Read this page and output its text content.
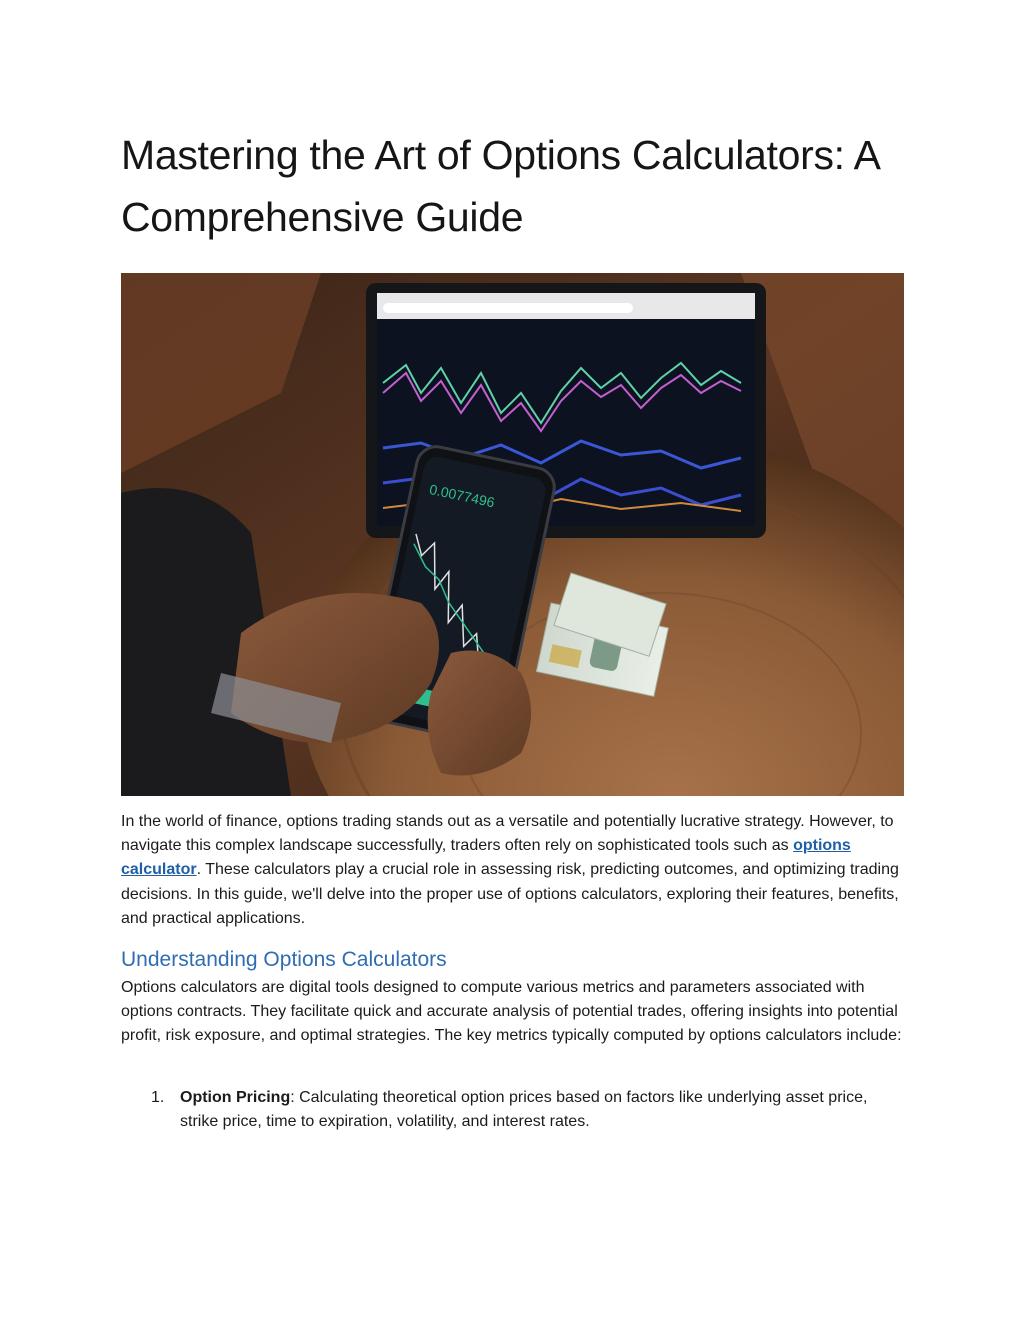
Mastering the Art of Options Calculators: A Comprehensive Guide
0.0077496

In the world of finance, options trading stands out as a versatile and potentially lucrative strategy. However, to navigate this complex landscape successfully, traders often rely on sophisticated tools such as options calculator. These calculators play a crucial role in assessing risk, predicting outcomes, and optimizing trading decisions. In this guide, we'll delve into the proper use of options calculators, exploring their features, benefits, and practical applications.

Understanding Options Calculators

Options calculators are digital tools designed to compute various metrics and parameters associated with options contracts. They facilitate quick and accurate analysis of potential trades, offering insights into potential profit, risk exposure, and optimal strategies. The key metrics typically computed by options calculators include:

1. Option Pricing: Calculating theoretical option prices based on factors like underlying asset price, strike price, time to expiration, volatility, and interest rates.
